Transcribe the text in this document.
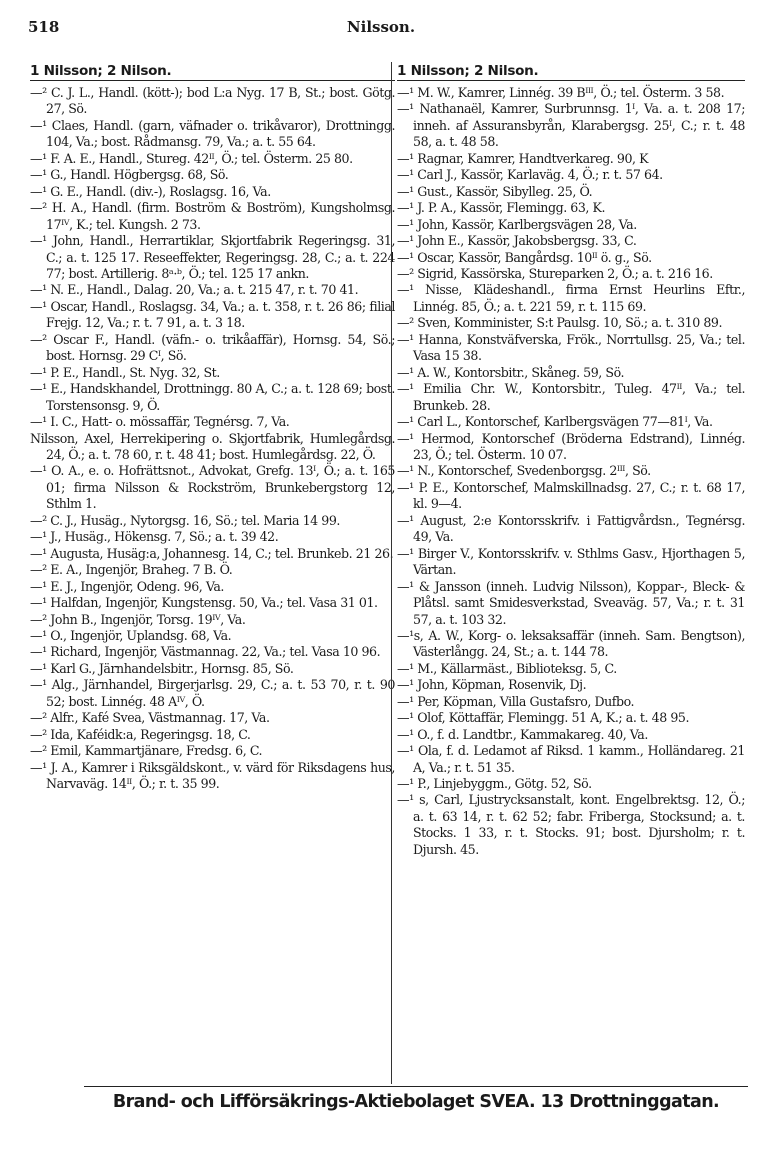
518	Nilsson.
1 Nilsson; 2 Nilson.
—² C. J. L., Handl. (kött-); bod L:a Nyg. 17 B, St.; bost. Götg. 27, Sö.
—¹ Claes, Handl. (garn, väfnader o. trikåvaror), Drottningg. 104, Va.; bost. Rådmansg. 79, Va.; a. t. 55 64.
—¹ F. A. E., Handl., Stureg. 42ᴵᴵ, Ö.; tel. Österm. 25 80.
—¹ G., Handl. Högbergsg. 68, Sö.
—¹ G. E., Handl. (div.-), Roslagsg. 16, Va.
—² H. A., Handl. (firm. Boström & Boström), Kungsholmsg. 17ᴵⱽ, K.; tel. Kungsh. 2 73.
—¹ John, Handl., Herrartiklar, Skjortfabrik Regeringsg. 31, C.; a. t. 125 17. Reseeffekter, Regeringsg. 28, C.; a. t. 224 77; bost. Artillerig. 8ᵃ·ᵇ, Ö.; tel. 125 17 ankn.
—¹ N. E., Handl., Dalag. 20, Va.; a. t. 215 47, r. t. 70 41.
—¹ Oscar, Handl., Roslagsg. 34, Va.; a. t. 358, r. t. 26 86; filial Frejg. 12, Va.; r. t. 7 91, a. t. 3 18.
—² Oscar F., Handl. (väfn.- o. trikåaffär), Hornsg. 54, Sö.; bost. Hornsg. 29 Cᴵ, Sö.
—¹ P. E., Handl., St. Nyg. 32, St.
—¹ E., Handskhandel, Drottningg. 80 A, C.; a. t. 128 69; bost. Torstensonsg. 9, Ö.
—¹ I. C., Hatt- o. mössaffär, Tegnérsg. 7, Va.
Nilsson, Axel, Herrekipering o. Skjortfabrik, Humlegårdsg. 24, Ö.; a. t. 78 60, r. t. 48 41; bost. Humlegårdsg. 22, Ö.
—¹ O. A., e. o. Hofrättsnot., Advokat, Grefg. 13ᴵ, Ö.; a. t. 165 01; firma Nilsson & Rockström, Brunkebergstorg 12, Sthlm 1.
—² C. J., Husäg., Nytorgsg. 16, Sö.; tel. Maria 14 99.
—¹ J., Husäg., Hökensg. 7, Sö.; a. t. 39 42.
—¹ Augusta, Husäg:a, Johannesg. 14, C.; tel. Brunkeb. 21 26.
—² E. A., Ingenjör, Braheg. 7 B. Ö.
—¹ E. J., Ingenjör, Odeng. 96, Va.
—¹ Halfdan, Ingenjör, Kungstensg. 50, Va.; tel. Vasa 31 01.
—² John B., Ingenjör, Torsg. 19ᴵⱽ, Va.
—¹ O., Ingenjör, Uplandsg. 68, Va.
—¹ Richard, Ingenjör, Västmannag. 22, Va.; tel. Vasa 10 96.
—¹ Karl G., Järnhandelsbitr., Hornsg. 85, Sö.
—¹ Alg., Järnhandel, Birgerjarlsg. 29, C.; a. t. 53 70, r. t. 90 52; bost. Linnég. 48 Aᴵⱽ, Ö.
—² Alfr., Kafé Svea, Västmannag. 17, Va.
—² Ida, Kaféidk:a, Regeringsg. 18, C.
—² Emil, Kammartjänare, Fredsg. 6, C.
—¹ J. A., Kamrer i Riksgäldskont., v. värd för Riksdagens hus, Narvaväg. 14ᴵᴵ, Ö.; r. t. 35 99.
1 Nilsson; 2 Nilson.
—¹ M. W., Kamrer, Linnég. 39 Bᴵᴵᴵ, Ö.; tel. Österm. 3 58.
—¹ Nathanaël, Kamrer, Surbrunnsg. 1ᴵ, Va. a. t. 208 17; inneh. af Assuransbyrån, Klarabergsg. 25ᴵ, C.; r. t. 48 58, a. t. 48 58.
—¹ Ragnar, Kamrer, Handtverkareg. 90, K
—¹ Carl J., Kassör, Karlaväg. 4, Ö.; r. t. 57 64.
—¹ Gust., Kassör, Sibylleg. 25, Ö.
—¹ J. P. A., Kassör, Flemingg. 63, K.
—¹ John, Kassör, Karlbergsvägen 28, Va.
—¹ John E., Kassör, Jakobsbergsg. 33, C.
—¹ Oscar, Kassör, Bangårdsg. 10ᴵᴵ ö. g., Sö.
—² Sigrid, Kassörska, Stureparken 2, Ö.; a. t. 216 16.
—¹ Nisse, Klädeshandl., firma Ernst Heurlins Eftr., Linnég. 85, Ö.; a. t. 221 59, r. t. 115 69.
—² Sven, Komminister, S:t Paulsg. 10, Sö.; a. t. 310 89.
—¹ Hanna, Konstväfverska, Frök., Norrtullsg. 25, Va.; tel. Vasa 15 38.
—¹ A. W., Kontorsbitr., Skåneg. 59, Sö.
—¹ Emilia Chr. W., Kontorsbitr., Tuleg. 47ᴵᴵ, Va.; tel. Brunkeb. 28.
—¹ Carl L., Kontorschef, Karlbergsvägen 77—81ᴵ, Va.
—¹ Hermod, Kontorschef (Bröderna Edstrand), Linnég. 23, Ö.; tel. Österm. 10 07.
—¹ N., Kontorschef, Svedenborgsg. 2ᴵᴵᴵ, Sö.
—¹ P. E., Kontorschef, Malmskillnadsg. 27, C.; r. t. 68 17, kl. 9—4.
—¹ August, 2:e Kontorsskrifv. i Fattigvårdsn., Tegnérsg. 49, Va.
—¹ Birger V., Kontorsskrifv. v. Sthlms Gasv., Hjorthagen 5, Värtan.
—¹ & Jansson (inneh. Ludvig Nilsson), Koppar-, Bleck- & Plåtsl. samt Smidesverkstad, Sveaväg. 57, Va.; r. t. 31 57, a. t. 103 32.
—¹s, A. W., Korg- o. leksaksaffär (inneh. Sam. Bengtson), Västerlångg. 24, St.; a. t. 144 78.
—¹ M., Källarmäst., Biblioteksg. 5, C.
—¹ John, Köpman, Rosenvik, Dj.
—¹ Per, Köpman, Villa Gustafsro, Dufbo.
—¹ Olof, Köttaffär, Flemingg. 51 A, K.; a. t. 48 95.
—¹ O., f. d. Landtbr., Kammakareg. 40, Va.
—¹ Ola, f. d. Ledamot af Riksd. 1 kamm., Holländareg. 21 A, Va.; r. t. 51 35.
—¹ P., Linjebyggm., Götg. 52, Sö.
—¹ s, Carl, Ljustrycksanstalt, kont. Engelbrektsg. 12, Ö.; a. t. 63 14, r. t. 62 52; fabr. Friberga, Stocksund; a. t. Stocks. 1 33, r. t. Stocks. 91; bost. Djursholm; r. t. Djursh. 45.
Brand- och Lifförsäkrings-Aktiebolaget SVEA. 13 Drottninggatan.
